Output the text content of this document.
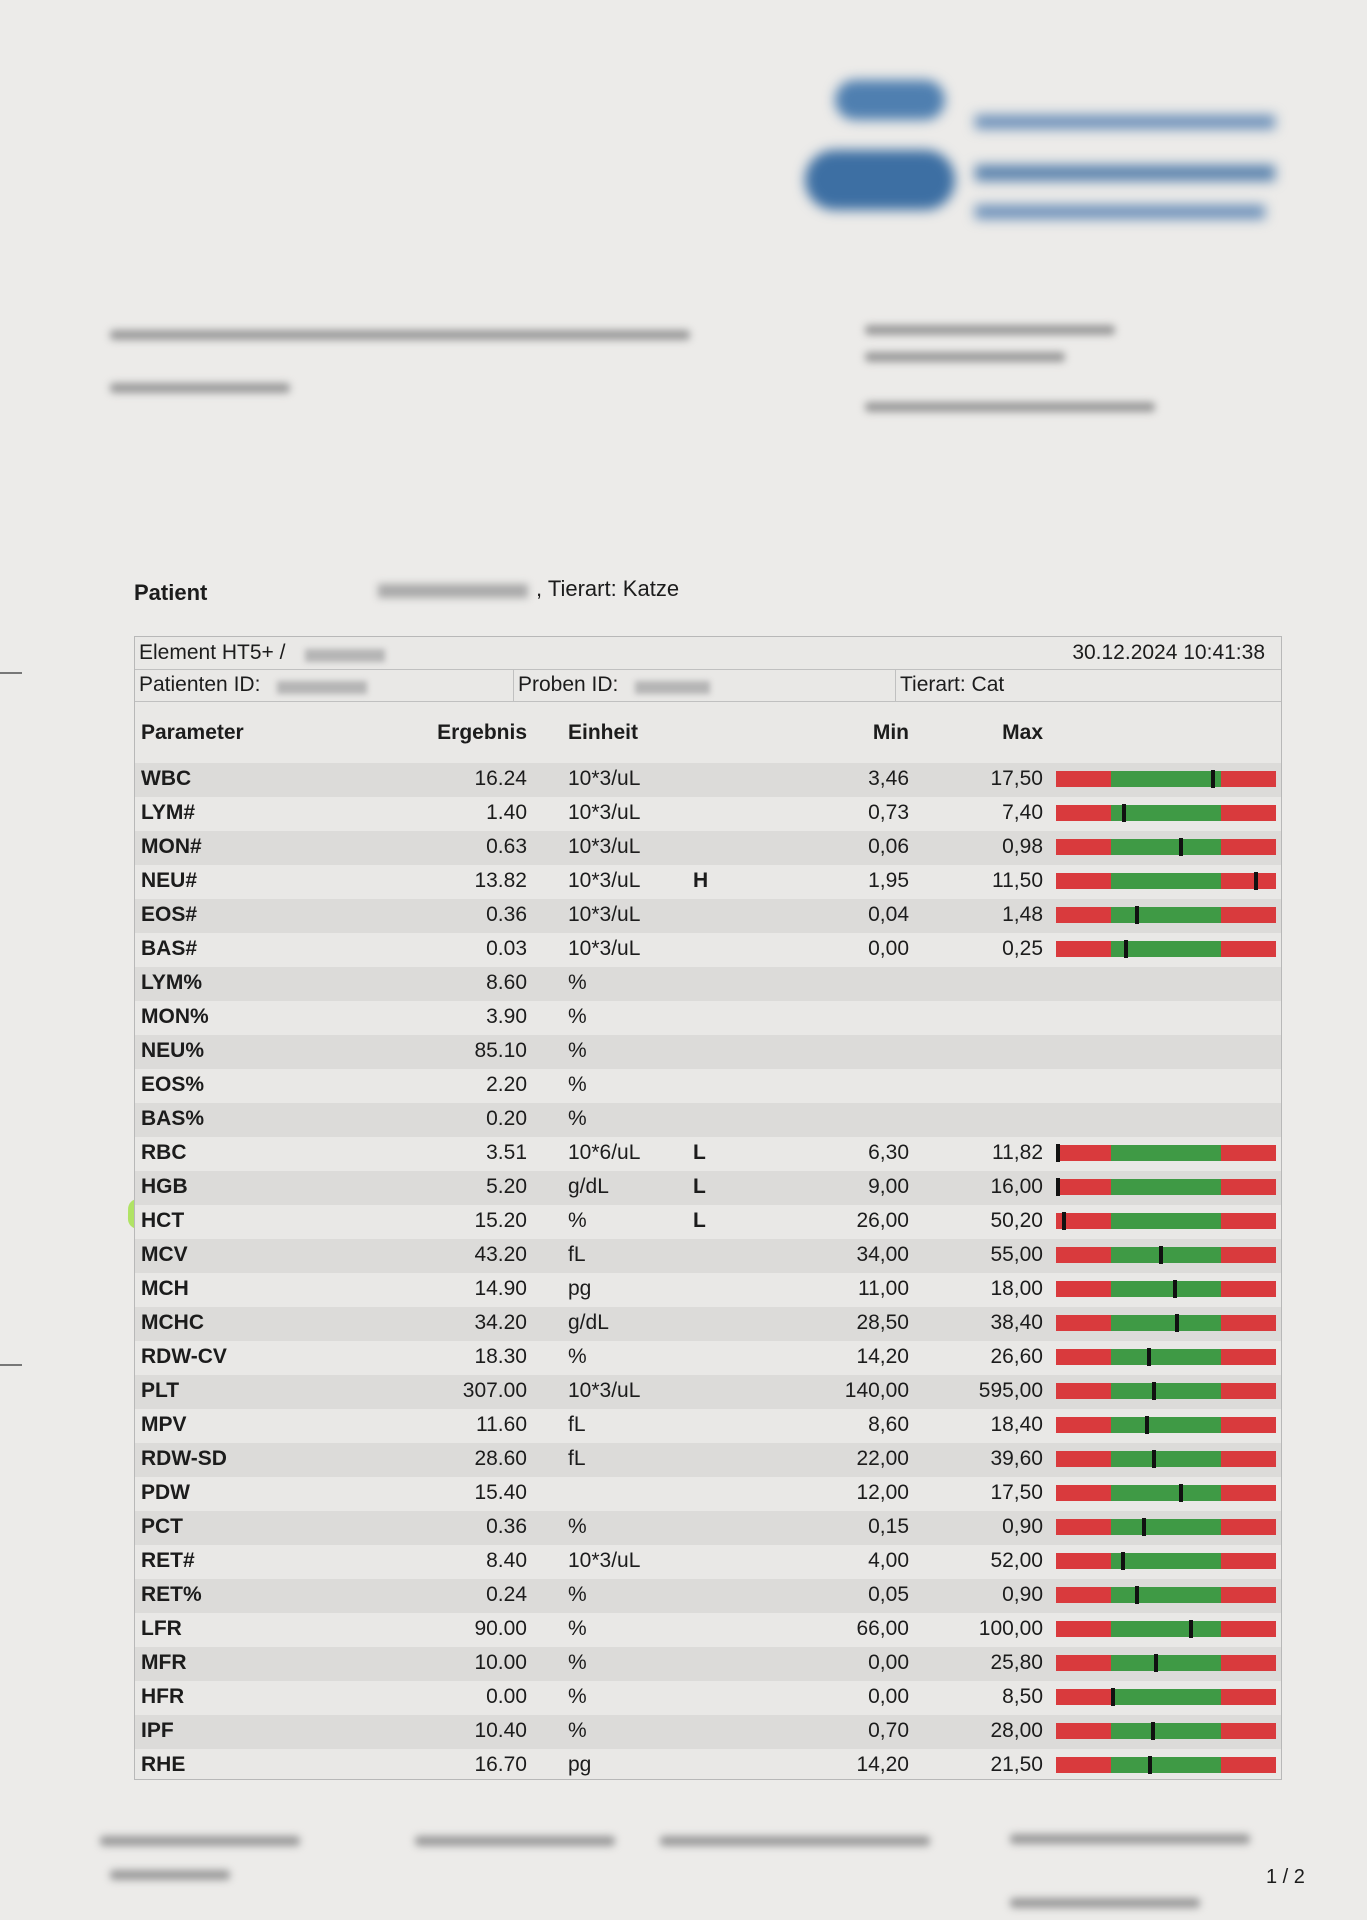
Patient	, Tierart: Katze
Element HT5+ /	30.12.2024 10:41:38
Patienten ID:	Proben ID:	Tierart: Cat
Parameter	Ergebnis Einheit	Min	Max
WBC	16.24 10*3/uL	3,46	17,50
LYM#	1.40 10*3/uL	0,73	7,40
MON#	0.63 10*3/uL	0,06	0,98
NEU#	13.82 10*3/uL	H	1,95	11,50
EOS#	0.36 10*3/uL	0,04	1,48
BAS#	0.03 10*3/uL	0,00	0,25
LYM%	8.60 %
MON%	3.90 %
NEU%	85.10 %
EOS%	2.20 %
BAS%	0.20 %
RBC	3.51 10*6/uL	L	6,30	11,82
HGB	5.20 g/dL	L	9,00	16,00
HCT	15.20 %	L	26,00	50,20
MCV	43.20 fL	34,00	55,00
MCH	14.90 pg	11,00	18,00
MCHC	34.20 g/dL	28,50	38,40
RDW-CV	18.30 %	14,20	26,60
PLT	307.00 10*3/uL	140,00	595,00
MPV	11.60 fL	8,60	18,40
RDW-SD	28.60 fL	22,00	39,60
PDW	15.40	12,00	17,50
PCT	0.36 %	0,15	0,90
RET#	8.40 10*3/uL	4,00	52,00
RET%	0.24 %	0,05	0,90
LFR	90.00 %	66,00	100,00
MFR	10.00 %	0,00	25,80
HFR	0.00 %	0,00	8,50
IPF	10.40 %	0,70	28,00
RHE	16.70 pg	14,20	21,50
1 / 2
